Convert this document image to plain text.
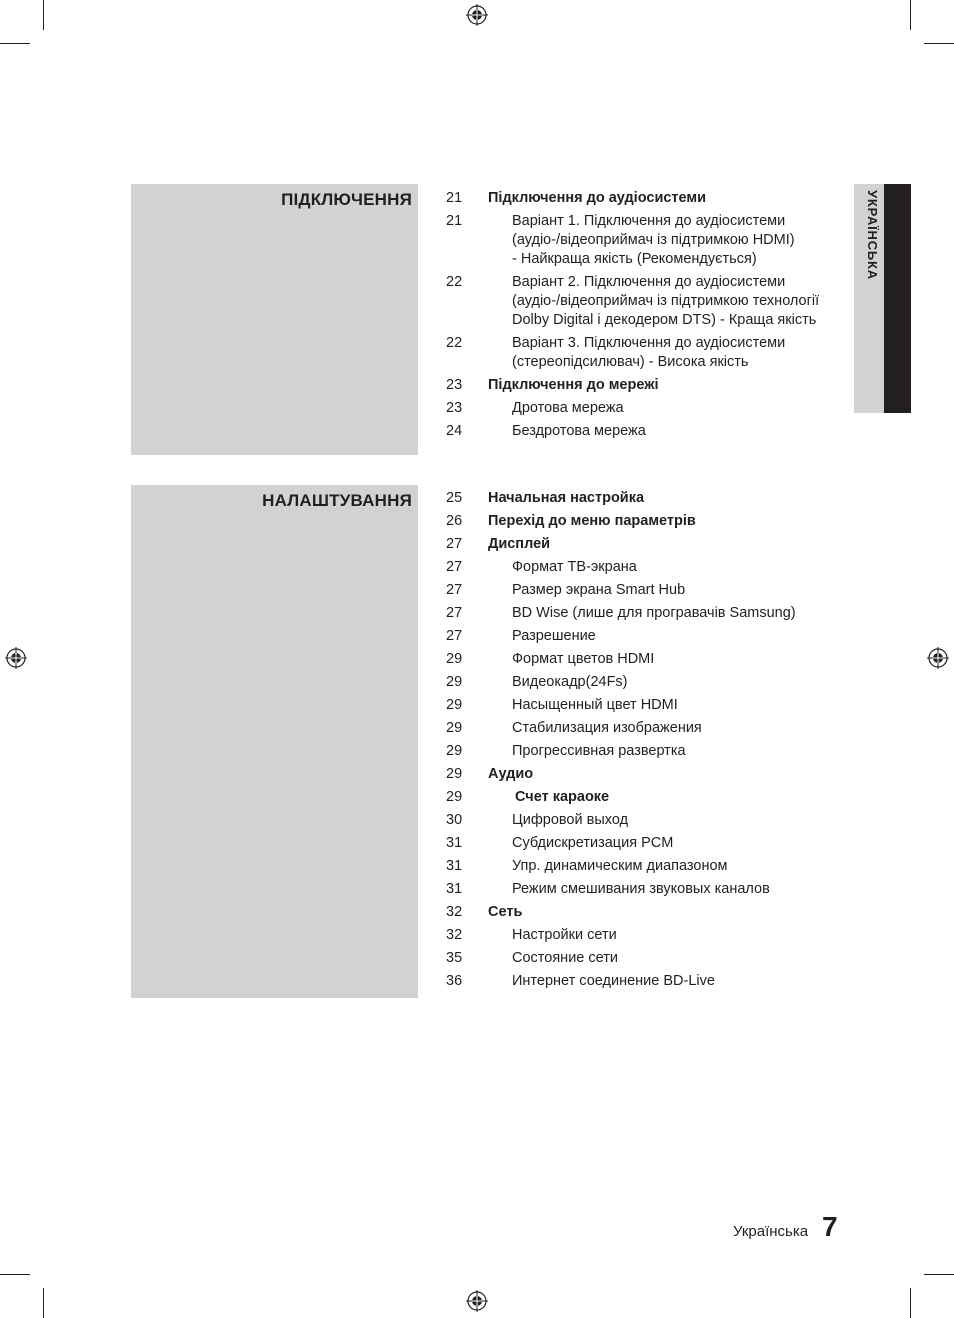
ПІДКЛЮЧЕННЯ 21 Підключення до аудіосистеми
21	Варіант 1. Підключення до аудіосистеми (аудіо-/відеоприймач із підтримкою HDMI) - Найкраща якість (Рекомендується)
22	Варіант 2. Підключення до аудіосистеми (аудіо-/відеоприймач із підтримкою технології Dolby Digital і декодером DTS) - Краща якість
22	Варіант 3. Підключення до аудіосистеми (стереопідсилювач) - Висока якість
23 Підключення до мережі
23	Дротова мережа
24	Бездротова мережа
НАЛАШТУВАННЯ 25 Начальная настройка
26 Перехід до меню параметрів
27 Дисплей
27	Формат ТВ-экрана
27	Размер экрана Smart Hub
27	BD Wise (лише для програвачів Samsung)
27	Разрешение
29	Формат цветов HDMI
29	Видеокадр(24Fs)
29	Насыщенный цвет HDMI
29	Стабилизация изображения
29	Прогрессивная развертка
29 Аудио
29	Счет караоке
30	Цифровой выход
31	Субдискретизация PCM
31	Упр. динамическим диапазоном
31	Режим смешивания звуковых каналов
32 Сеть
32	Настройки сети
35	Состояние сети
36	Интернет соединение BD-Live
УКРАЇНСЬКА
Українська 7
